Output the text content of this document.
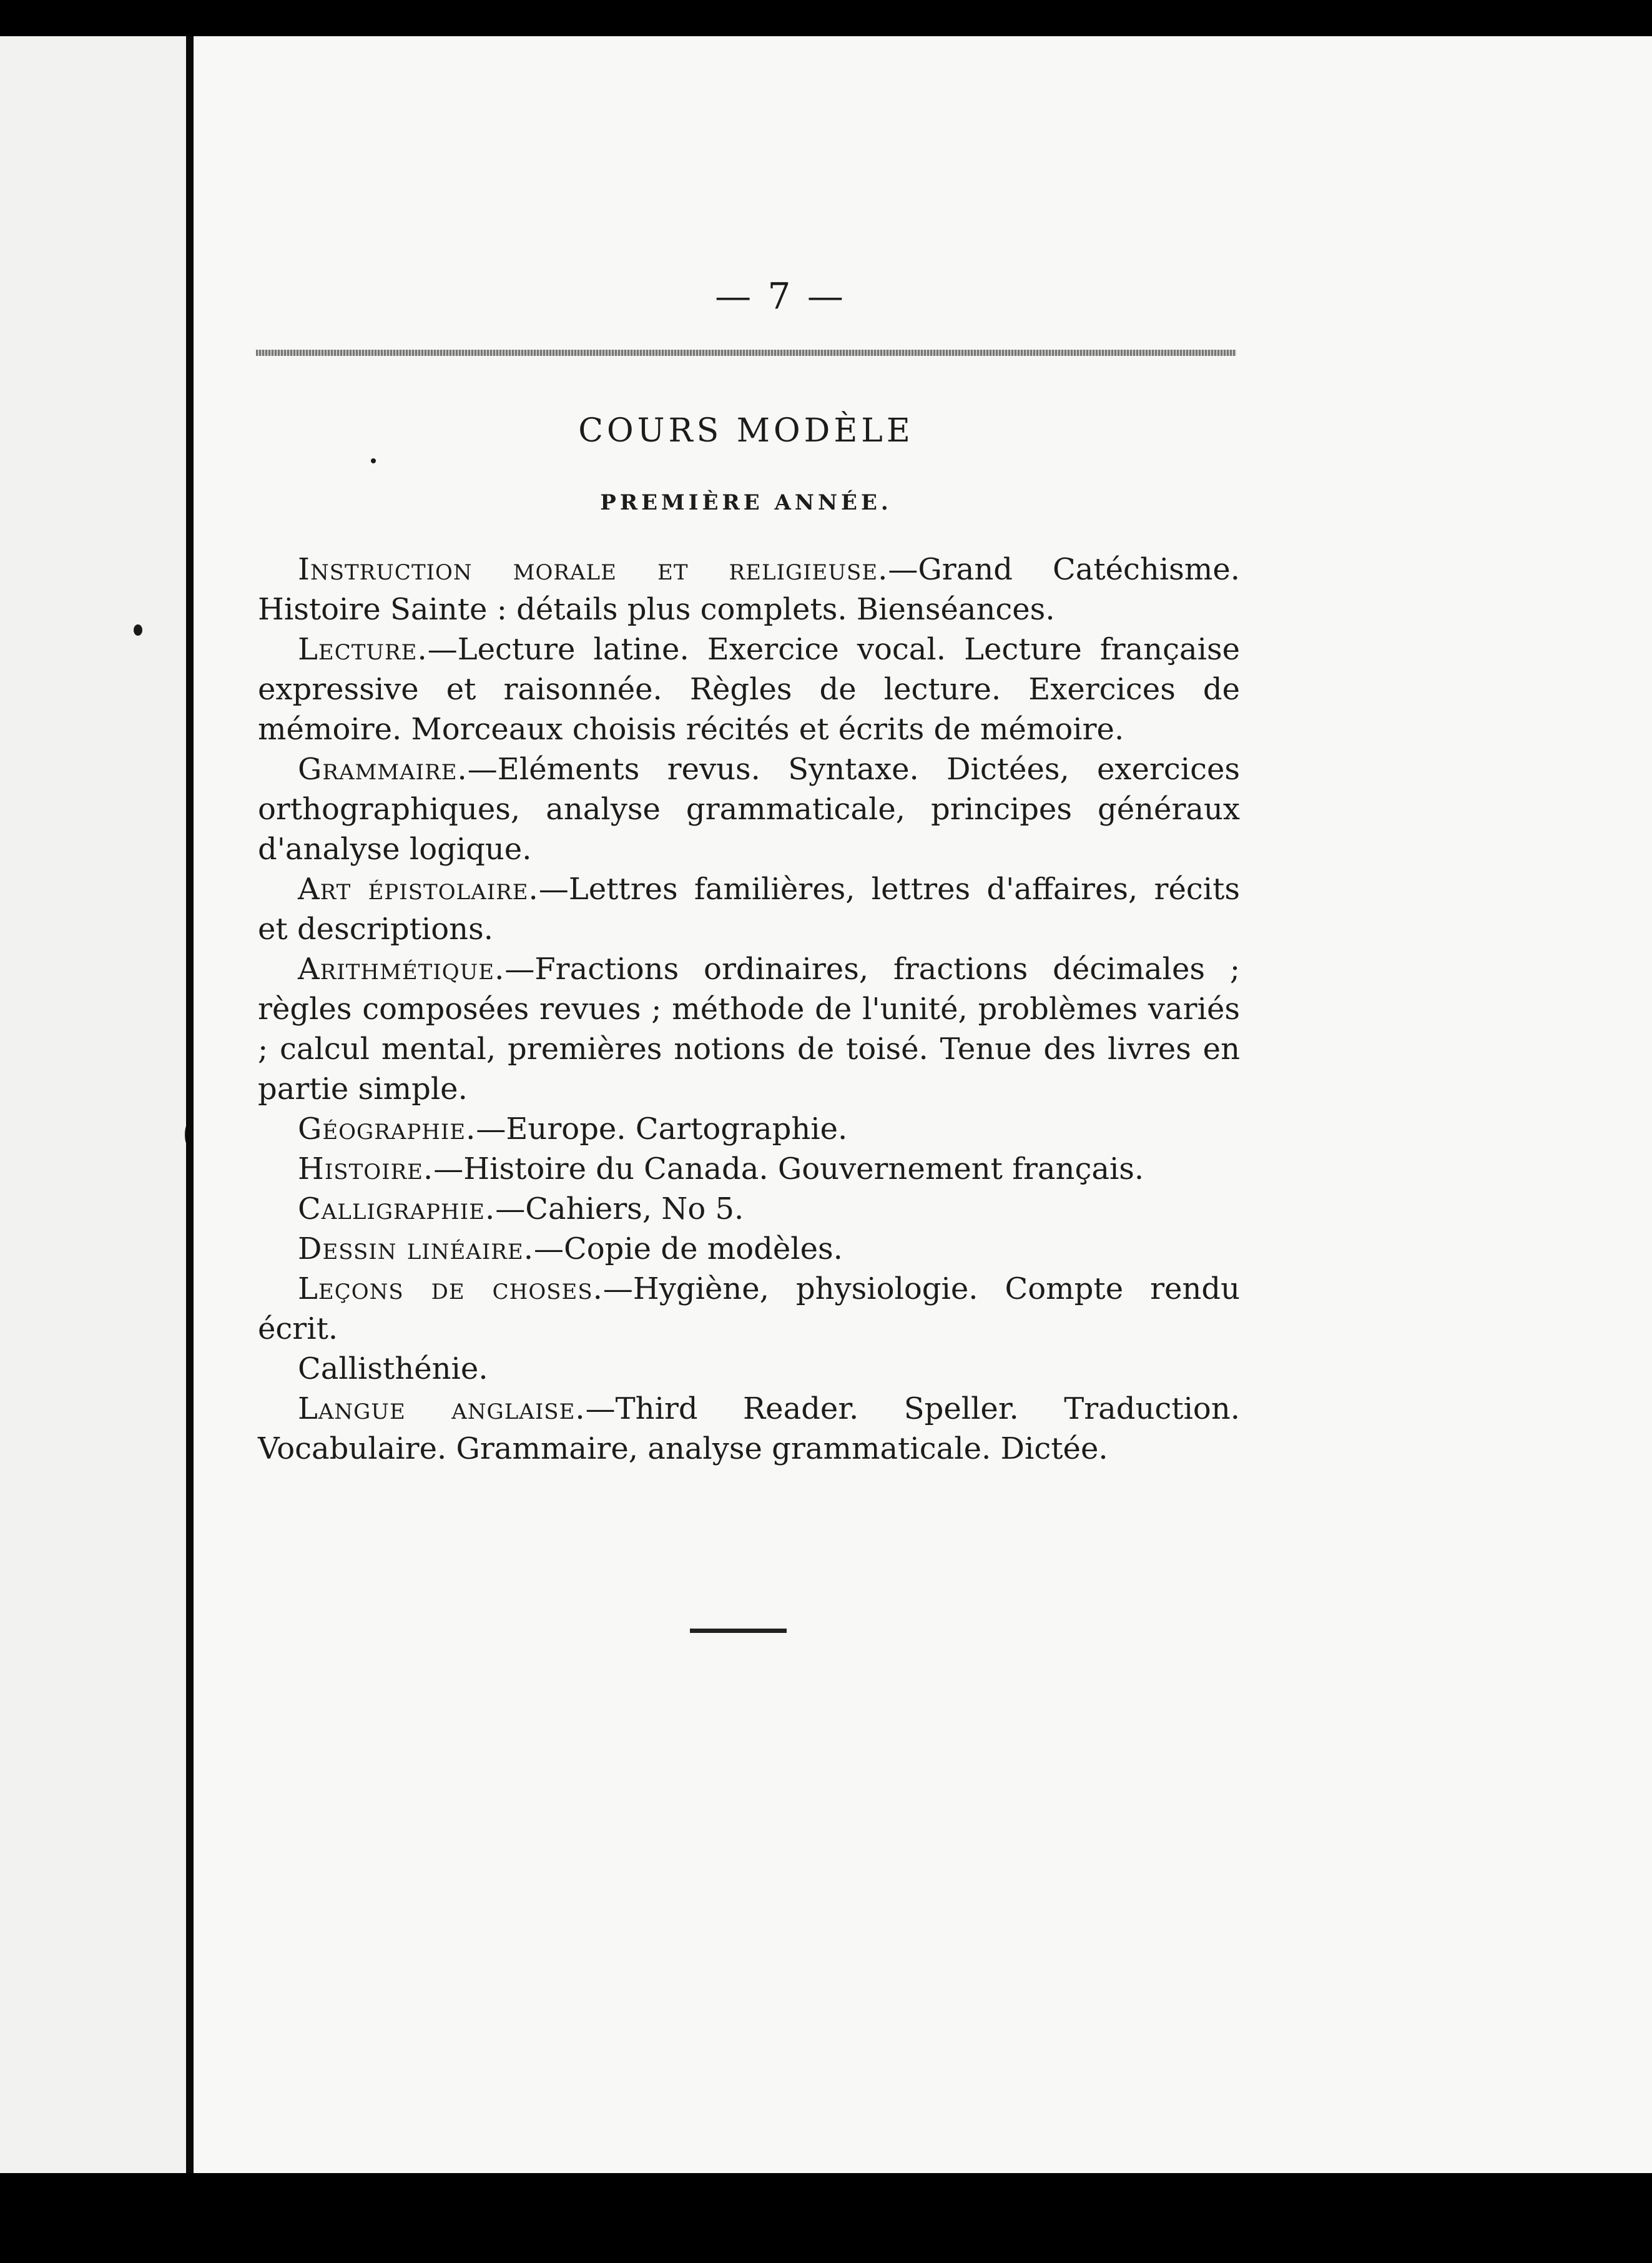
— 7 —
COURS MODÈLE
PREMIÈRE ANNÉE.

Instruction morale et religieuse.—Grand Catéchisme. Histoire Sainte : détails plus complets. Bienséances.

Lecture.—Lecture latine. Exercice vocal. Lecture française expressive et raisonnée. Règles de lecture. Exercices de mémoire. Morceaux choisis récités et écrits de mémoire.

Grammaire.—Eléments revus. Syntaxe. Dictées, exercices orthographiques, analyse grammaticale, principes généraux d'analyse logique.

Art épistolaire.—Lettres familières, lettres d'affaires, récits et descriptions.

Arithmétique.—Fractions ordinaires, fractions décimales ; règles composées revues ; méthode de l'unité, problèmes variés ; calcul mental, premières notions de toisé. Tenue des livres en partie simple.

Géographie.—Europe. Cartographie.

Histoire.—Histoire du Canada. Gouvernement français.

Calligraphie.—Cahiers, No 5.

Dessin linéaire.—Copie de modèles.

Leçons de choses.—Hygiène, physiologie. Compte rendu écrit.

Callisthénie.

Langue anglaise.—Third Reader. Speller. Traduction. Vocabulaire. Grammaire, analyse grammaticale. Dictée.
